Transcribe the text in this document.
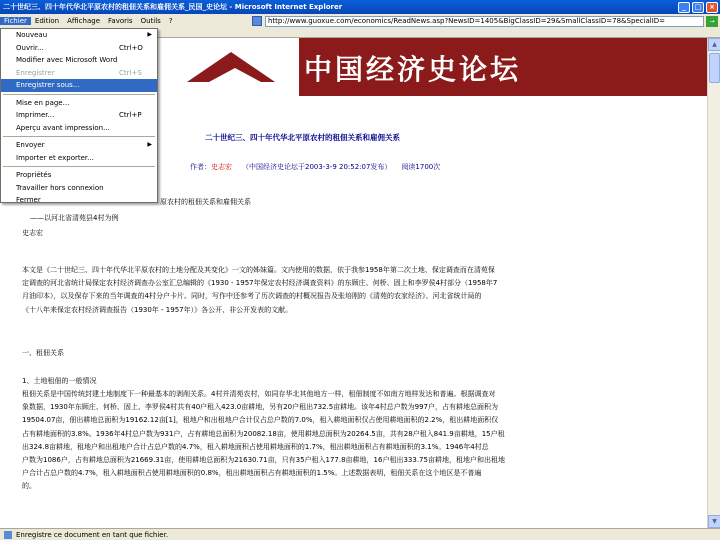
二十世纪三、四十年代华北平原农村的租佃关系和雇佣关系_民国_史论坛 - Microsoft Internet Explorer	_	□	×
Fichier	Edition	Affichage	Favoris	Outils	?	http://www.guoxue.com/economics/ReadNews.asp?NewsID=1405&BigClassID=29&SmallClassID=78&SpecialID=	→
中国经济史论坛
▲
▼
二十世纪三、四十年代华北平原农村的租佃关系和雇佣关系
作者：史志宏 （中国经济史论坛于2003-3-9 20:52:07发布） 阅读1700次
原农村的租佃关系和雇佣关系
——以河北省清苑县4村为例
史志宏
本文是《二十世纪三、四十年代华北平原农村的土地分配及其变化》一文的姊妹篇。文内使用的数据，依于我参1958年第二次土地、保定调查而在清苑保
定调查的河北省统计局保定农村经济调查办公室汇总编辑的《1930 - 1957年保定农村经济调查资料》的东顾庄、何桥、固上和李罗侯4村部分（1958年7
月油印本），以及保存下来的当年调查的4村分户卡片。同时，写作中还参考了历次调查的村概况报告及张培刚的《清苑的农家经济》、河北省统计局的
《十八年来保定农村经济调查报告（1930年 - 1957年）》各公开、非公开发表的文献。
一、租佃关系
1、土地租佃的一般情况
租佃关系是中国传统封建土地制度下一种最基本的剥削关系。4村并清苑农村，如同存华北其他地方一样，租佃制度不如南方地样发达和普遍。根据调查对
象数据，1930年东顾庄、何桥、固上、李罗侯4村共有40户租入423.0亩耕地，另有20户租出732.5亩耕地。该年4村总户数为997户，占有耕地总面积为
19504.07亩，佃出耕地总面积为19162.12亩[1]，租地户和出租地户合计仅占总户数的7.0%，租入耕地面积仅占使用耕地面积的2.2%，租出耕地面积仅
占有耕地面积的3.8%。1936年4村总户数为931户，占有耕地总面积为20082.18亩，使用耕地总面积为20264.5亩，共有28户租入841.9亩耕地，15户租
出324.8亩耕地，租地户和出租地户合计占总户数的4.7%，租入耕地面积占使用耕地面积的1.7%，租出耕地面积占有耕地面积的3.1%。1946年4村总
户数为1086户，占有耕地总面积为21669.31亩，使用耕地总面积为21630.71亩，只有35户租入177.8亩耕地，16户租出333.75亩耕地，租地户和出租地
户合计占总户数的4.7%，租入耕地面积占使用耕地面积的0.8%，租出耕地面积占有耕地面积的1.5%。上述数据表明，租佃关系在这个地区是不普遍
的。
Nouveau	▶
Ouvrir...	Ctrl+O
Modifier avec Microsoft Word
Enregistrer	Ctrl+S
Enregistrer sous...
Mise en page...
Imprimer...	Ctrl+P
Aperçu avant impression...
Envoyer	▶
Importer et exporter...
Propriétés
Travailler hors connexion
Fermer
Enregistre ce document en tant que fichier.
